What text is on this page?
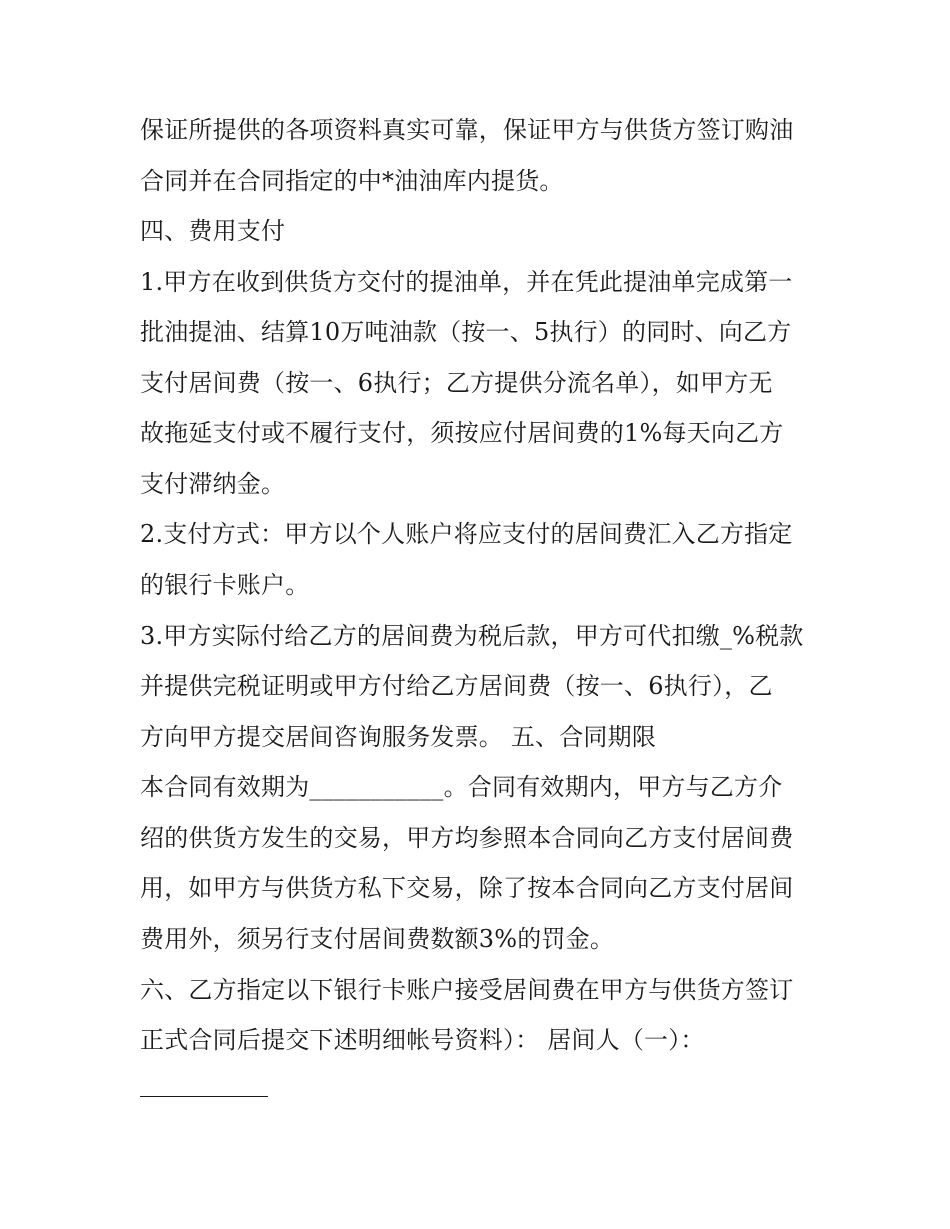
保证所提供的各项资料真实可靠，保证甲方与供货方签订购油
合同并在合同指定的中*油油库内提货。
四、费用支付
1.甲方在收到供货方交付的提油单，并在凭此提油单完成第一
批油提油、结算10万吨油款（按一、5执行）的同时、向乙方
支付居间费（按一、6执行；乙方提供分流名单），如甲方无
故拖延支付或不履行支付，须按应付居间费的1%每天向乙方
支付滞纳金。
2.支付方式：甲方以个人账户将应支付的居间费汇入乙方指定
的银行卡账户。
3.甲方实际付给乙方的居间费为税后款，甲方可代扣缴_%税款
并提供完税证明或甲方付给乙方居间费（按一、6执行），乙
方向甲方提交居间咨询服务发票。 五、合同期限
本合同有效期为___________。合同有效期内，甲方与乙方介
绍的供货方发生的交易，甲方均参照本合同向乙方支付居间费
用，如甲方与供货方私下交易，除了按本合同向乙方支付居间
费用外，须另行支付居间费数额3%的罚金。
六、乙方指定以下银行卡账户接受居间费在甲方与供货方签订
正式合同后提交下述明细帐号资料）： 居间人（一）：
